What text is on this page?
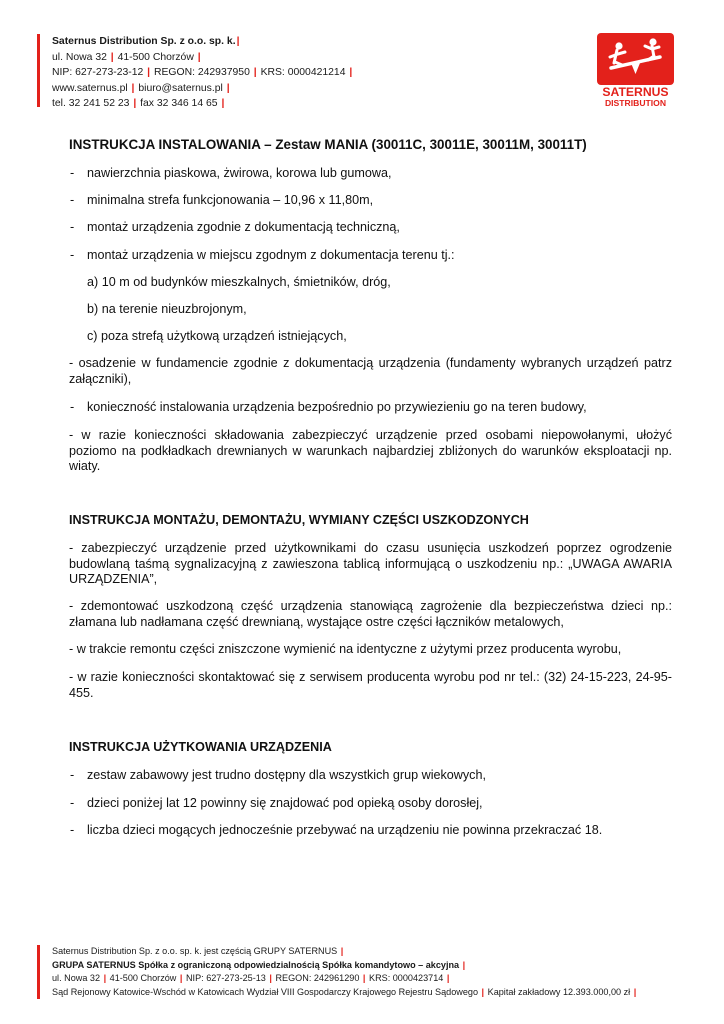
Saternus Distribution Sp. z o.o. sp. k.|
ul. Nowa 32 | 41-500 Chorzów |
NIP: 627-273-23-12 | REGON: 242937950 | KRS: 0000421214 |
www.saternus.pl | biuro@saternus.pl |
tel. 32 241 52 23 | fax 32 346 14 65 |
SATERNUS
DISTRIBUTION
INSTRUKCJA INSTALOWANIA – Zestaw MANIA (30011C, 30011E, 30011M, 30011T)
- nawierzchnia piaskowa, żwirowa, korowa lub gumowa,
- minimalna strefa funkcjonowania – 10,96 x 11,80m,
- montaż urządzenia zgodnie z dokumentacją techniczną,
- montaż urządzenia w miejscu zgodnym z dokumentacja terenu tj.:
a) 10 m od budynków mieszkalnych, śmietników, dróg,
b) na terenie nieuzbrojonym,
c) poza strefą użytkową urządzeń istniejących,
- osadzenie w fundamencie zgodnie z dokumentacją urządzenia (fundamenty wybranych urządzeń patrz załączniki),
- konieczność instalowania urządzenia bezpośrednio po przywiezieniu go na teren budowy,
- w razie konieczności składowania zabezpieczyć urządzenie przed osobami niepowołanymi, ułożyć poziomo na podkładkach drewnianych w warunkach najbardziej zbliżonych do warunków eksploatacji np. wiaty.
INSTRUKCJA MONTAŻU, DEMONTAŻU, WYMIANY CZĘŚCI USZKODZONYCH
- zabezpieczyć urządzenie przed użytkownikami do czasu usunięcia uszkodzeń poprzez ogrodzenie budowlaną taśmą sygnalizacyjną z zawieszona tablicą informującą o uszkodzeniu np.: „UWAGA AWARIA URZĄDZENIA”,
- zdemontować uszkodzoną część urządzenia stanowiącą zagrożenie dla bezpieczeństwa dzieci np.: złamana lub nadłamana część drewnianą, wystające ostre części łączników metalowych,
- w trakcie remontu części zniszczone wymienić na identyczne z użytymi przez producenta wyrobu,
- w razie konieczności skontaktować się z serwisem producenta wyrobu pod nr tel.: (32) 24-15-223, 24-95-455.
INSTRUKCJA UŻYTKOWANIA URZĄDZENIA
- zestaw zabawowy jest trudno dostępny dla wszystkich grup wiekowych,
- dzieci poniżej lat 12 powinny się znajdować pod opieką osoby dorosłej,
- liczba dzieci mogących jednocześnie przebywać na urządzeniu nie powinna przekraczać 18.
Saternus Distribution Sp. z o.o. sp. k. jest częścią GRUPY SATERNUS |
GRUPA SATERNUS Spółka z ograniczoną odpowiedzialnością Spółka komandytowo – akcyjna |
ul. Nowa 32 | 41-500 Chorzów | NIP: 627-273-25-13 | REGON: 242961290 | KRS: 0000423714 |
Sąd Rejonowy Katowice-Wschód w Katowicach Wydział VIII Gospodarczy Krajowego Rejestru Sądowego | Kapitał zakładowy 12.393.000,00 zł |
